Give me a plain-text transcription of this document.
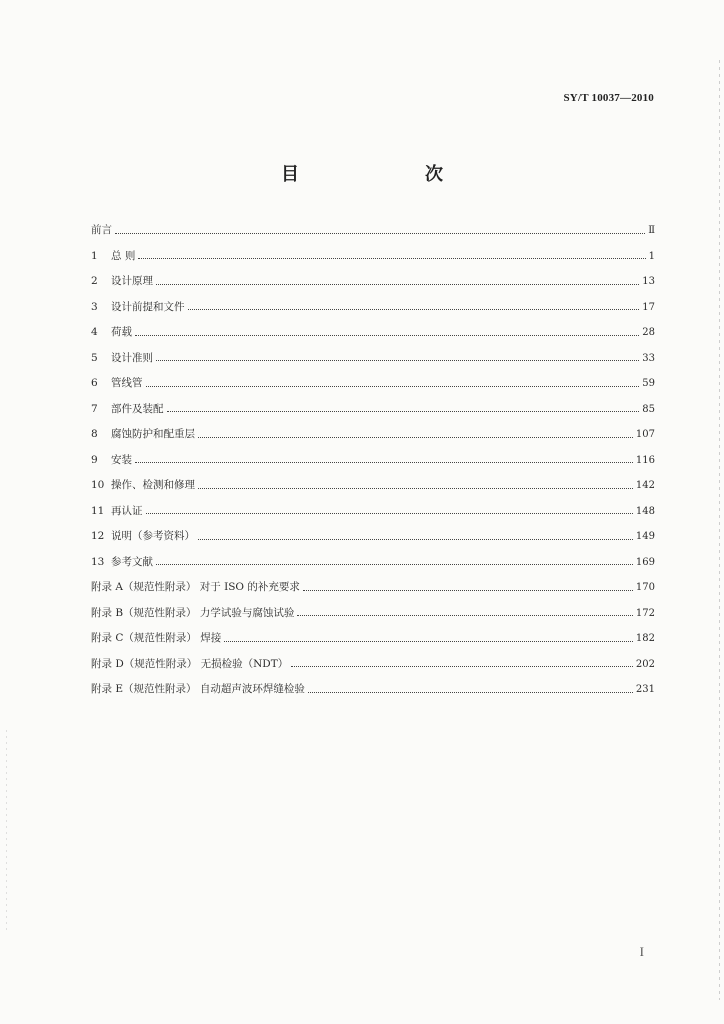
SY/T 10037—2010
目　　次
前言	Ⅱ
1 总 则	1
2 设计原理	13
3 设计前提和文件	17
4 荷载	28
5 设计准则	33
6 管线管	59
7 部件及装配	85
8 腐蚀防护和配重层	107
9 安装	116
10 操作、检测和修理	142
11 再认证	148
12 说明（参考资料）	149
13 参考文献	169
附录 A（规范性附录） 对于 ISO 的补充要求	170
附录 B（规范性附录） 力学试验与腐蚀试验	172
附录 C（规范性附录） 焊接	182
附录 D（规范性附录） 无损检验（NDT）	202
附录 E（规范性附录） 自动超声波环焊缝检验	231
I
